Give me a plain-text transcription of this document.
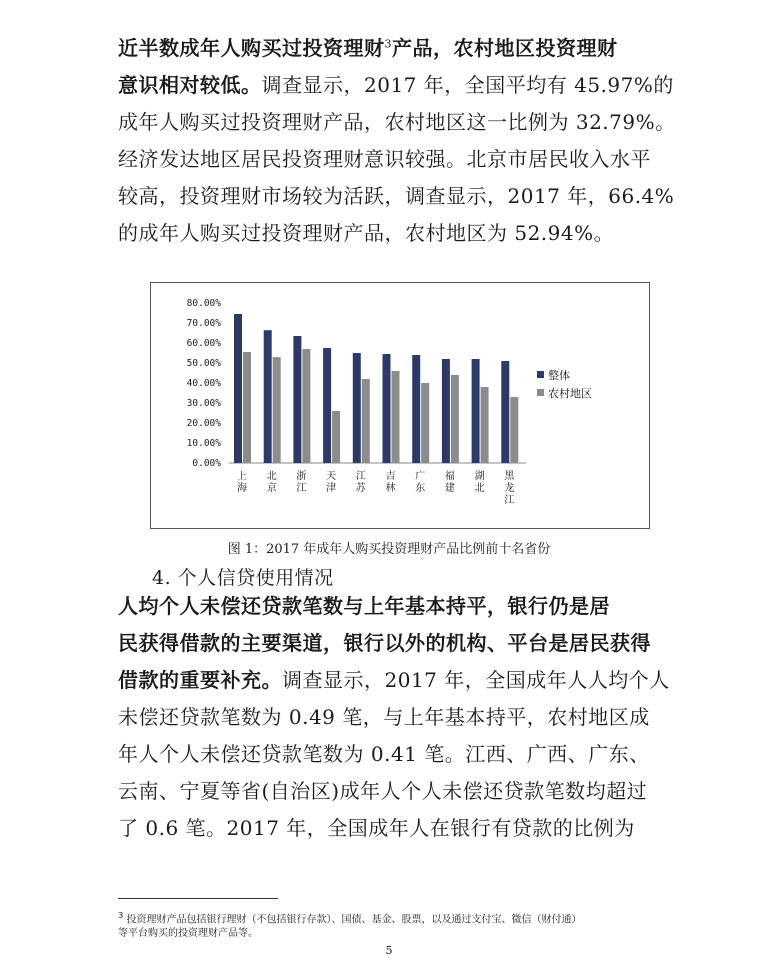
近半数成年人购买过投资理财$^3$产品，农村地区投资理财
意识相对较低。调查显示，2017 年，全国平均有 45.97%的
成年人购买过投资理财产品，农村地区这一比例为 32.79%。
经济发达地区居民投资理财意识较强。北京市居民收入水平
较高，投资理财市场较为活跃，调查显示，2017 年，66.4%
的成年人购买过投资理财产品，农村地区为 52.94%。
80.00%
70.00%
60.00%
50.00%
40.00%
30.00%
20.00%
10.00%
0.00%
上海
北京
浙江
天津
江苏
吉林
广东
福建
湖北
黑龙江
整体
农村地区

图 1：2017 年成年人购买投资理财产品比例前十名省份

4. 个人信贷使用情况
人均个人未偿还贷款笔数与上年基本持平，银行仍是居
民获得借款的主要渠道，银行以外的机构、平台是居民获得
借款的重要补充。调查显示，2017 年，全国成年人人均个人
未偿还贷款笔数为 0.49 笔，与上年基本持平，农村地区成
年人个人未偿还贷款笔数为 0.41 笔。江西、广西、广东、
云南、宁夏等省(自治区)成年人个人未偿还贷款笔数均超过
了 0.6 笔。2017 年，全国成年人在银行有贷款的比例为
$^3$ 投资理财产品包括银行理财（不包括银行存款）、国债、基金、股票，以及通过支付宝、微信（财付通）
等平台购买的投资理财产品等。
5
